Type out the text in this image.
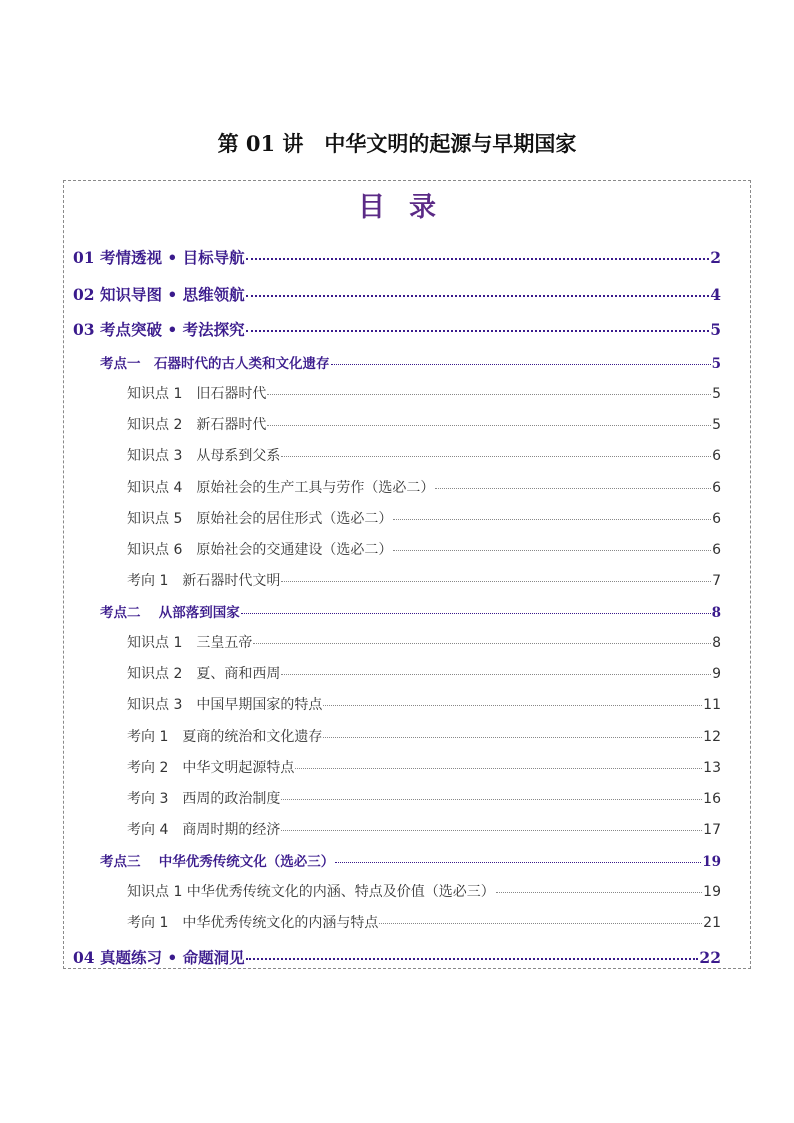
第 01 讲　中华文明的起源与早期国家
目录
01 考情透视 • 目标导航	2
02 知识导图 • 思维领航	4
03 考点突破 • 考法探究	5
考点一　石器时代的古人类和文化遗存	5
知识点 1　旧石器时代	5
知识点 2　新石器时代	5
知识点 3　从母系到父系	6
知识点 4　原始社会的生产工具与劳作（选必二）	6
知识点 5　原始社会的居住形式（选必二）	6
知识点 6　原始社会的交通建设（选必二）	6
考向 1　新石器时代文明	7
考点二　 从部落到国家	8
知识点 1　三皇五帝	8
知识点 2　夏、商和西周	9
知识点 3　中国早期国家的特点	11
考向 1　夏商的统治和文化遗存	12
考向 2　中华文明起源特点	13
考向 3　西周的政治制度	16
考向 4　商周时期的经济	17
考点三　 中华优秀传统文化（选必三）	19
知识点 1 中华优秀传统文化的内涵、特点及价值（选必三）	19
考向 1　中华优秀传统文化的内涵与特点	21
04 真题练习 • 命题洞见	22
